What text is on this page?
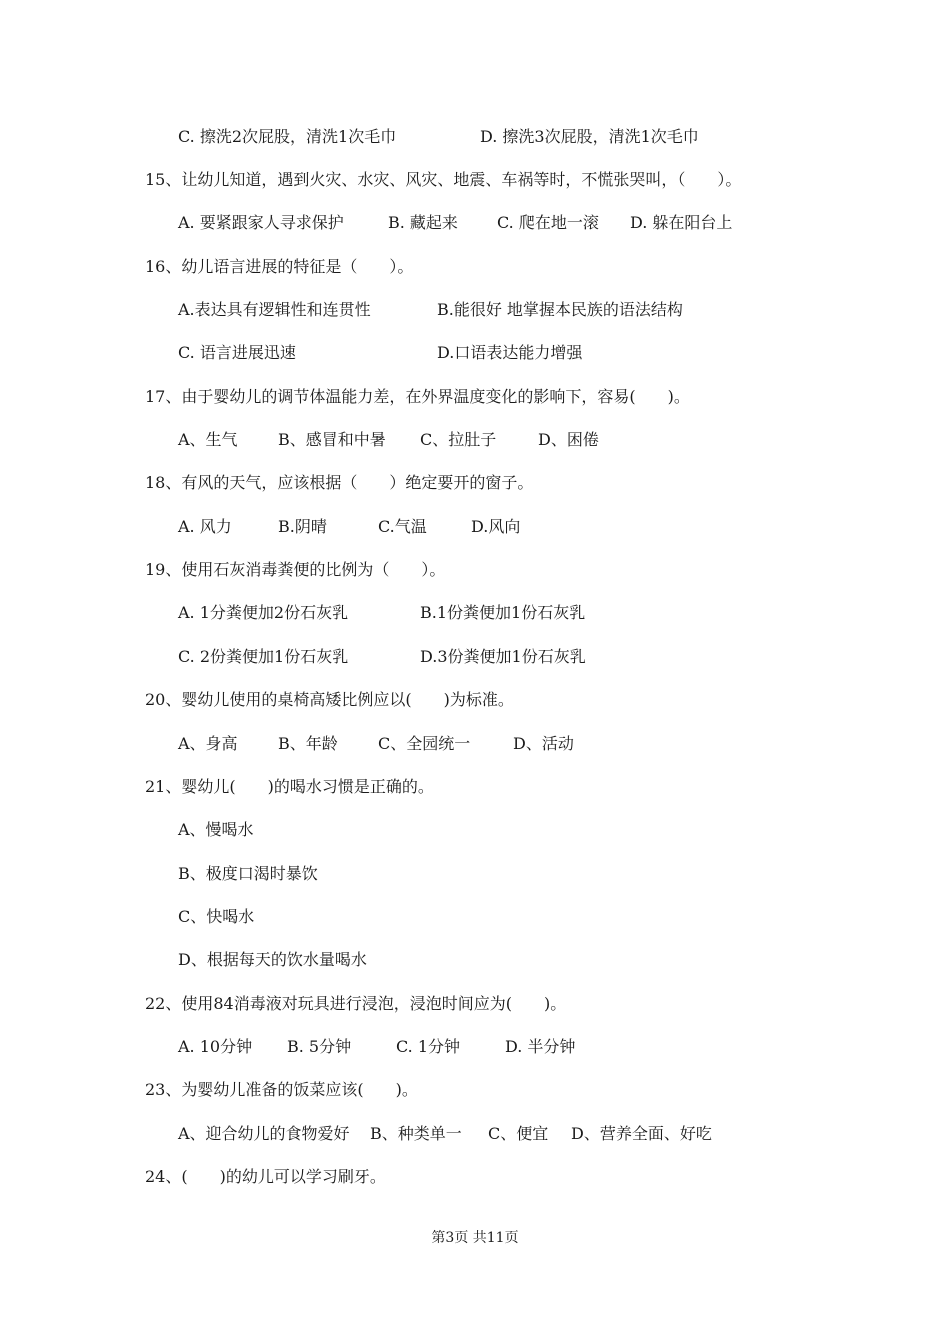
C. 擦洗2次屁股，清洗1次毛巾	D. 擦洗3次屁股，清洗1次毛巾
15、让幼儿知道，遇到火灾、水灾、风灾、地震、车祸等时，不慌张哭叫，（　　）。
A. 要紧跟家人寻求保护	B. 藏起来 C. 爬在地一滚 D. 躲在阳台上
16、幼儿语言进展的特征是（　　）。
A.表达具有逻辑性和连贯性	B.能很好 地掌握本民族的语法结构
C. 语言进展迅速	D.口语表达能力增强
17、由于婴幼儿的调节体温能力差，在外界温度变化的影响下，容易(　　)。
A、生气	B、感冒和中暑 C、拉肚子	D、困倦
18、有风的天气，应该根据（　　）绝定要开的窗子。
A. 风力	B.阴晴	C.气温	D.风向
19、使用石灰消毒粪便的比例为（　　）。
A. 1分粪便加2份石灰乳	B.1份粪便加1份石灰乳
C. 2份粪便加1份石灰乳	D.3份粪便加1份石灰乳
20、婴幼儿使用的桌椅高矮比例应以(　　)为标准。
A、身高	B、年龄	C、全园统一	D、活动
21、婴幼儿(　　)的喝水习惯是正确的。
A、慢喝水
B、极度口渴时暴饮
C、快喝水
D、根据每天的饮水量喝水
22、使用84消毒液对玩具进行浸泡，浸泡时间应为(　　)。
A. 10分钟 B. 5分钟	C. 1分钟	D. 半分钟
23、为婴幼儿准备的饭菜应该(　　)。
A、迎合幼儿的食物爱好 B、种类单一 C、便宜 D、营养全面、好吃
24、(　　)的幼儿可以学习刷牙。
第3页 共11页
